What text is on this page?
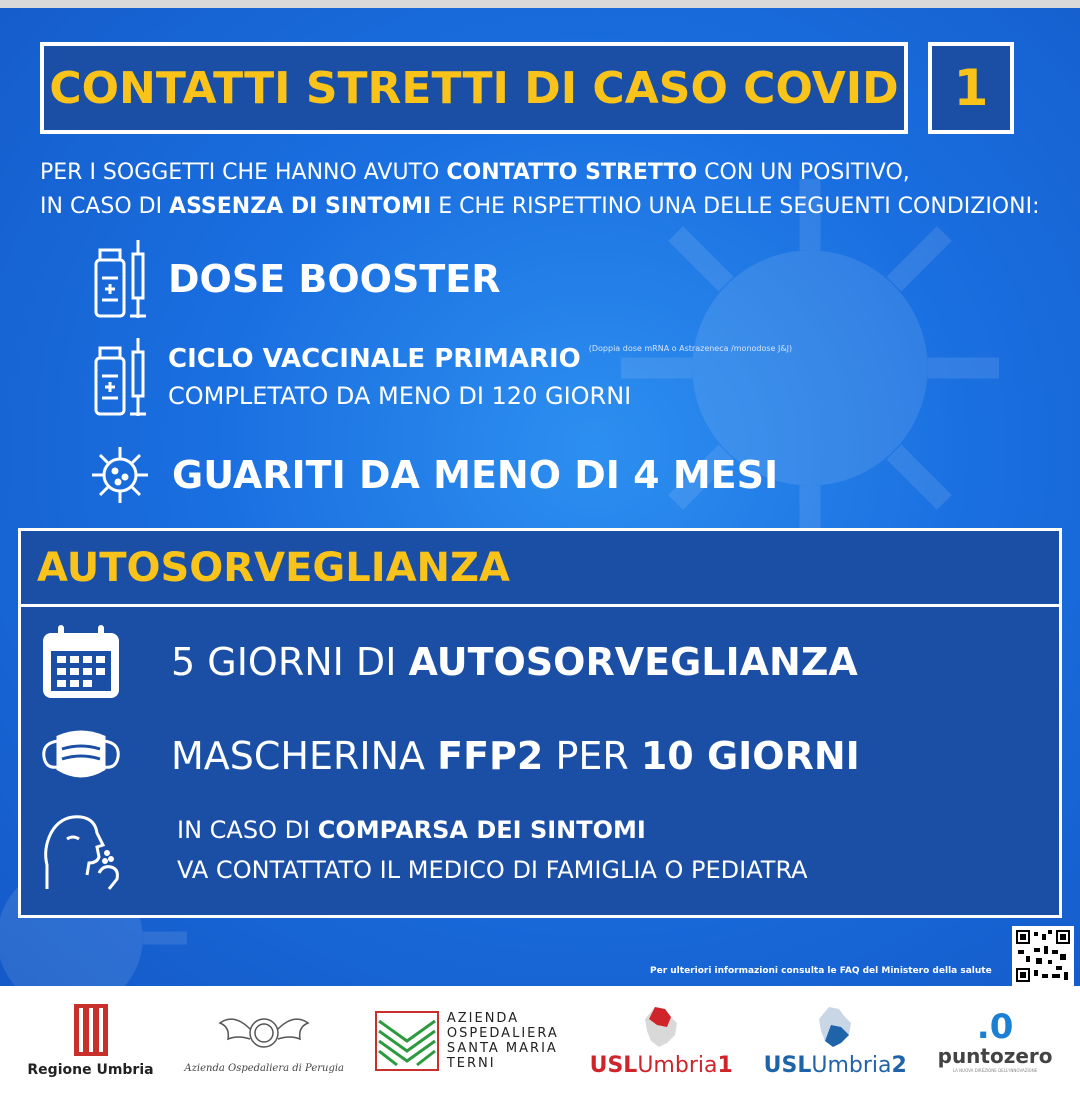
CONTATTI STRETTI DI CASO COVID 1
PER I SOGGETTI CHE HANNO AVUTO CONTATTO STRETTO CON UN POSITIVO,
IN CASO DI ASSENZA DI SINTOMI E CHE RISPETTINO UNA DELLE SEGUENTI CONDIZIONI:
DOSE BOOSTER
CICLO VACCINALE PRIMARIO $^{(Doppia dose mRNA o Astrazeneca /monodose J\&J)}$
COMPLETATO DA MENO DI 120 GIORNI
GUARITI DA MENO DI 4 MESI
AUTOSORVEGLIANZA
5 GIORNI DI AUTOSORVEGLIANZA
MASCHERINA FFP2 PER 10 GIORNI
IN CASO DI COMPARSA DEI SINTOMI
VA CONTATTATO IL MEDICO DI FAMIGLIA O PEDIATRA
Per ulteriori informazioni consulta le FAQ del Ministero della salute
Regione Umbria	Azienda Ospedaliera di Perugia
AZIENDA
OSPEDALIERA
SANTA MARIA
TERNI	USLUmbria1 USLUmbria2
.0
puntozero
LA NUOVA DIREZIONE DELL'INNOVAZIONE
